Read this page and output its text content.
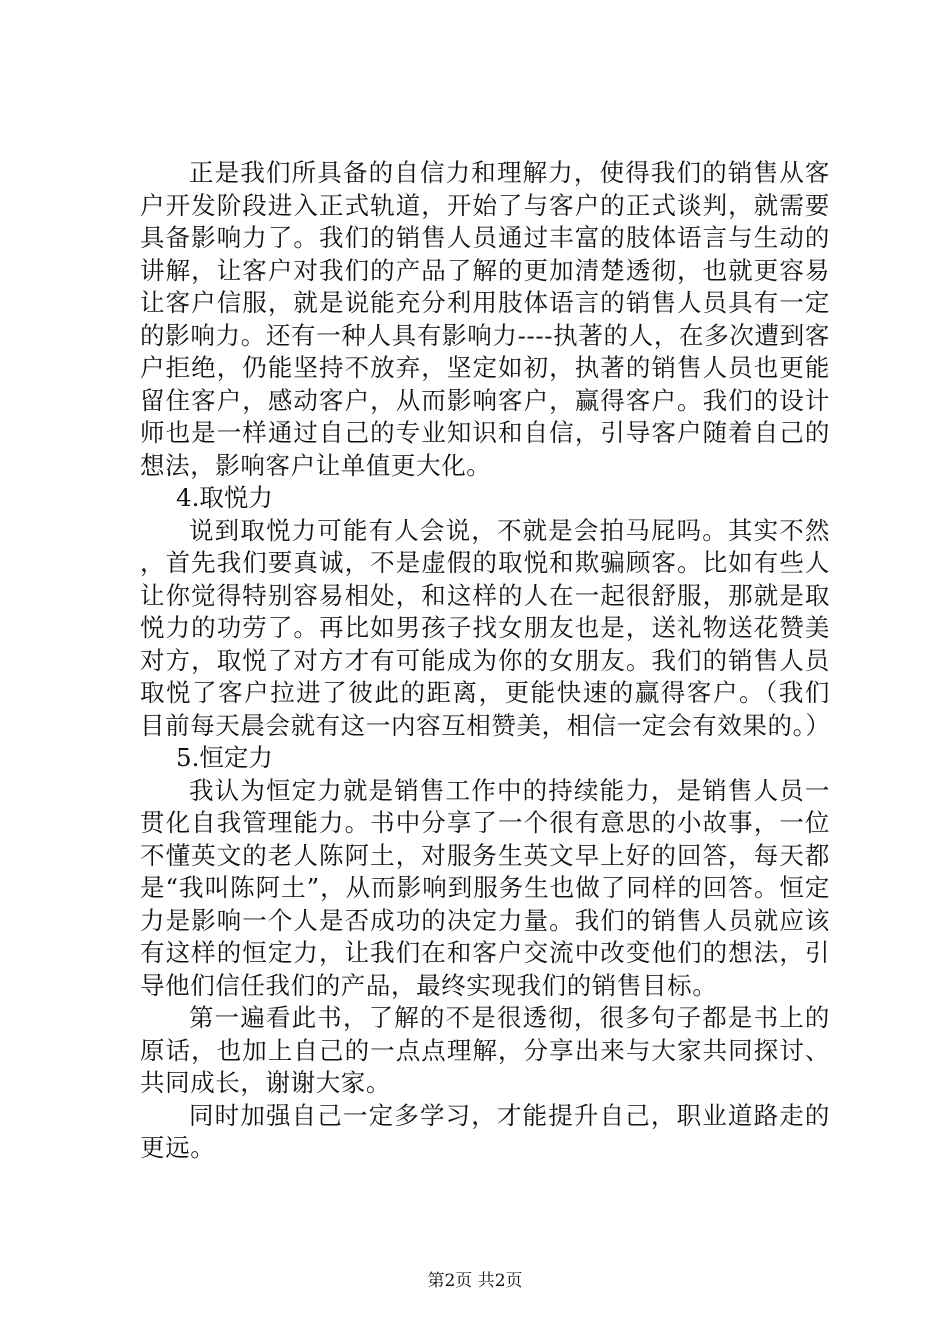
正是我们所具备的自信力和理解力，使得我们的销售从客户开发阶段进入正式轨道，开始了与客户的正式谈判，就需要具备影响力了。我们的销售人员通过丰富的肢体语言与生动的讲解，让客户对我们的产品了解的更加清楚透彻，也就更容易让客户信服，就是说能充分利用肢体语言的销售人员具有一定的影响力。还有一种人具有影响力----执著的人，在多次遭到客户拒绝，仍能坚持不放弃，坚定如初，执著的销售人员也更能留住客户，感动客户，从而影响客户，赢得客户。我们的设计师也是一样通过自己的专业知识和自信，引导客户随着自己的想法，影响客户让单值更大化。

4.取悦力

说到取悦力可能有人会说，不就是会拍马屁吗。其实不然，首先我们要真诚，不是虚假的取悦和欺骗顾客。比如有些人让你觉得特别容易相处，和这样的人在一起很舒服，那就是取悦力的功劳了。再比如男孩子找女朋友也是，送礼物送花赞美对方，取悦了对方才有可能成为你的女朋友。我们的销售人员取悦了客户拉进了彼此的距离，更能快速的赢得客户。（我们目前每天晨会就有这一内容互相赞美，相信一定会有效果的。）

5.恒定力

我认为恒定力就是销售工作中的持续能力，是销售人员一贯化自我管理能力。书中分享了一个很有意思的小故事，一位不懂英文的老人陈阿土，对服务生英文早上好的回答，每天都是“我叫陈阿土”，从而影响到服务生也做了同样的回答。恒定力是影响一个人是否成功的决定力量。我们的销售人员就应该有这样的恒定力，让我们在和客户交流中改变他们的想法，引导他们信任我们的产品，最终实现我们的销售目标。

第一遍看此书，了解的不是很透彻，很多句子都是书上的原话，也加上自己的一点点理解，分享出来与大家共同探讨、共同成长，谢谢大家。

同时加强自己一定多学习，才能提升自己，职业道路走的更远。

第2页 共2页
